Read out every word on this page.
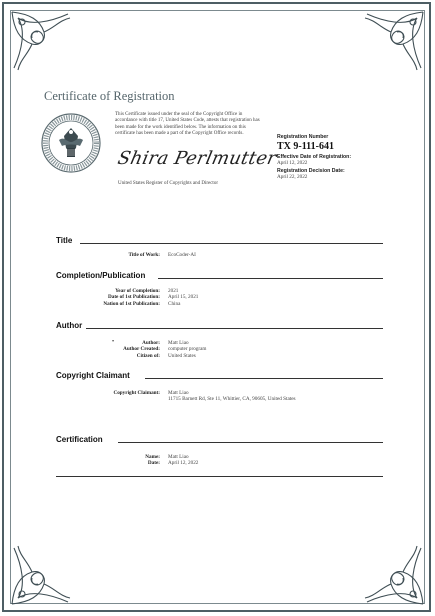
Certificate of Registration
This Certificate issued under the seal of the Copyright Office in accordance with title 17, United States Code, attests that registration has been made for the work identified below. The information on this certificate has been made a part of the Copyright Office records.
Shira Perlmutter
United States Register of Copyrights and Director
Registration Number
TX 9-111-641
Effective Date of Registration:
April 12, 2022
Registration Decision Date:
April 22, 2022
Title
Title of Work: EcoCoder-AI
Completion/Publication
Year of Completion: 2021
Date of 1st Publication: April 15, 2021
Nation of 1st Publication: China
Author
•	Author: Matt Liao
Author Created: computer program
Citizen of: United States
Copyright Claimant
Copyright Claimant: Matt Liao
11715 Barnett Rd, Ste 11, Whittier, CA, 90605, United States
Certification
Name: Matt Liao
Date: April 12, 2022
